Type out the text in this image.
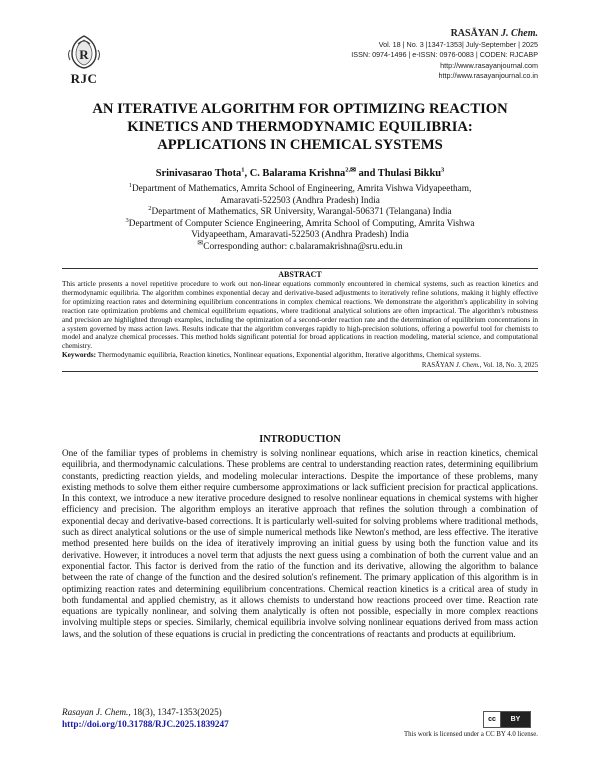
R
RJC
RASĀYAN J. Chem.
Vol. 18 | No. 3 |1347-1353| July-September | 2025
ISSN: 0974-1496 | e-ISSN: 0976-0083 | CODEN: RJCABP
http://www.rasayanjournal.com
http://www.rasayanjournal.co.in
AN ITERATIVE ALGORITHM FOR OPTIMIZING REACTION
KINETICS AND THERMODYNAMIC EQUILIBRIA:
APPLICATIONS IN CHEMICAL SYSTEMS
Srinivasarao Thota$^1$, C. Balarama Krishna$^{2,}$✉ and Thulasi Bikku$^3$
$^1$Department of Mathematics, Amrita School of Engineering, Amrita Vishwa Vidyapeetham,
Amaravati-522503 (Andhra Pradesh) India
$^2$Department of Mathematics, SR University, Warangal-506371 (Telangana) India
$^3$Department of Computer Science Engineering, Amrita School of Computing, Amrita Vishwa
Vidyapeetham, Amaravati-522503 (Andhra Pradesh) India
✉Corresponding author: c.balaramakrishna@sru.edu.in
ABSTRACT
This article presents a novel repetitive procedure to work out non-linear equations commonly encountered in chemical systems, such as reaction kinetics and thermodynamic equilibria. The algorithm combines exponential decay and derivative-based adjustments to iteratively refine solutions, making it highly effective for optimizing reaction rates and determining equilibrium concentrations in complex chemical reactions. We demonstrate the algorithm's applicability in solving reaction rate optimization problems and chemical equilibrium equations, where traditional analytical solutions are often impractical. The algorithm's robustness and precision are highlighted through examples, including the optimization of a second-order reaction rate and the determination of equilibrium concentrations in a system governed by mass action laws. Results indicate that the algorithm converges rapidly to high-precision solutions, offering a powerful tool for chemists to model and analyze chemical processes. This method holds significant potential for broad applications in reaction modeling, material science, and computational chemistry.
Keywords: Thermodynamic equilibria, Reaction kinetics, Nonlinear equations, Exponential algorithm, Iterative algorithms, Chemical systems.
RASĀYAN J. Chem., Vol. 18, No. 3, 2025
INTRODUCTION
One of the familiar types of problems in chemistry is solving nonlinear equations, which arise in reaction kinetics, chemical equilibria, and thermodynamic calculations. These problems are central to understanding reaction rates, determining equilibrium constants, predicting reaction yields, and modeling molecular interactions. Despite the importance of these problems, many existing methods to solve them either require cumbersome approximations or lack sufficient precision for practical applications. In this context, we introduce a new iterative procedure designed to resolve nonlinear equations in chemical systems with higher efficiency and precision. The algorithm employs an iterative approach that refines the solution through a combination of exponential decay and derivative-based corrections. It is particularly well-suited for solving problems where traditional methods, such as direct analytical solutions or the use of simple numerical methods like Newton's method, are less effective. The iterative method presented here builds on the idea of iteratively improving an initial guess by using both the function value and its derivative. However, it introduces a novel term that adjusts the next guess using a combination of both the current value and an exponential factor. This factor is derived from the ratio of the function and its derivative, allowing the algorithm to balance between the rate of change of the function and the desired solution's refinement. The primary application of this algorithm is in optimizing reaction rates and determining equilibrium concentrations. Chemical reaction kinetics is a critical area of study in both fundamental and applied chemistry, as it allows chemists to understand how reactions proceed over time. Reaction rate equations are typically nonlinear, and solving them analytically is often not possible, especially in more complex reactions involving multiple steps or species. Similarly, chemical equilibria involve solving nonlinear equations derived from mass action laws, and the solution of these equations is crucial in predicting the concentrations of reactants and products at equilibrium.
Rasayan J. Chem., 18(3), 1347-1353(2025)
http://doi.org/10.31788/RJC.2025.1839247
cc	BY
This work is licensed under a CC BY 4.0 license.
